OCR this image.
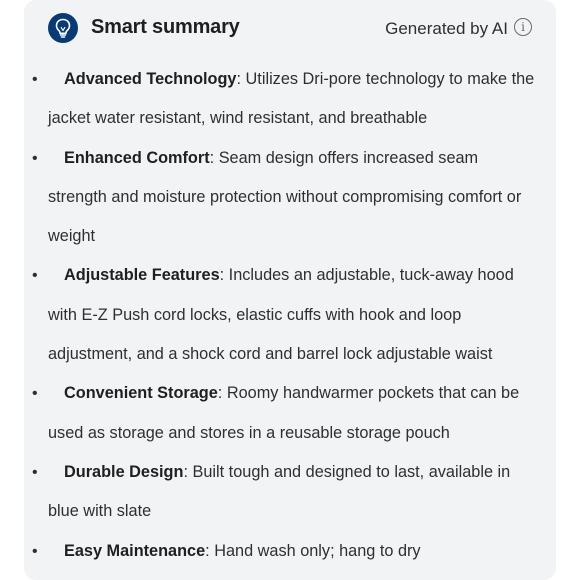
Smart summary	Generated by AI	i
• Advanced Technology: Utilizes Dri-pore technology to make the jacket water resistant, wind resistant, and breathable
• Enhanced Comfort: Seam design offers increased seam strength and moisture protection without compromising comfort or weight
• Adjustable Features: Includes an adjustable, tuck-away hood with E-Z Push cord locks, elastic cuffs with hook and loop adjustment, and a shock cord and barrel lock adjustable waist
• Convenient Storage: Roomy handwarmer pockets that can be used as storage and stores in a reusable storage pouch
• Durable Design: Built tough and designed to last, available in blue with slate
• Easy Maintenance: Hand wash only; hang to dry
